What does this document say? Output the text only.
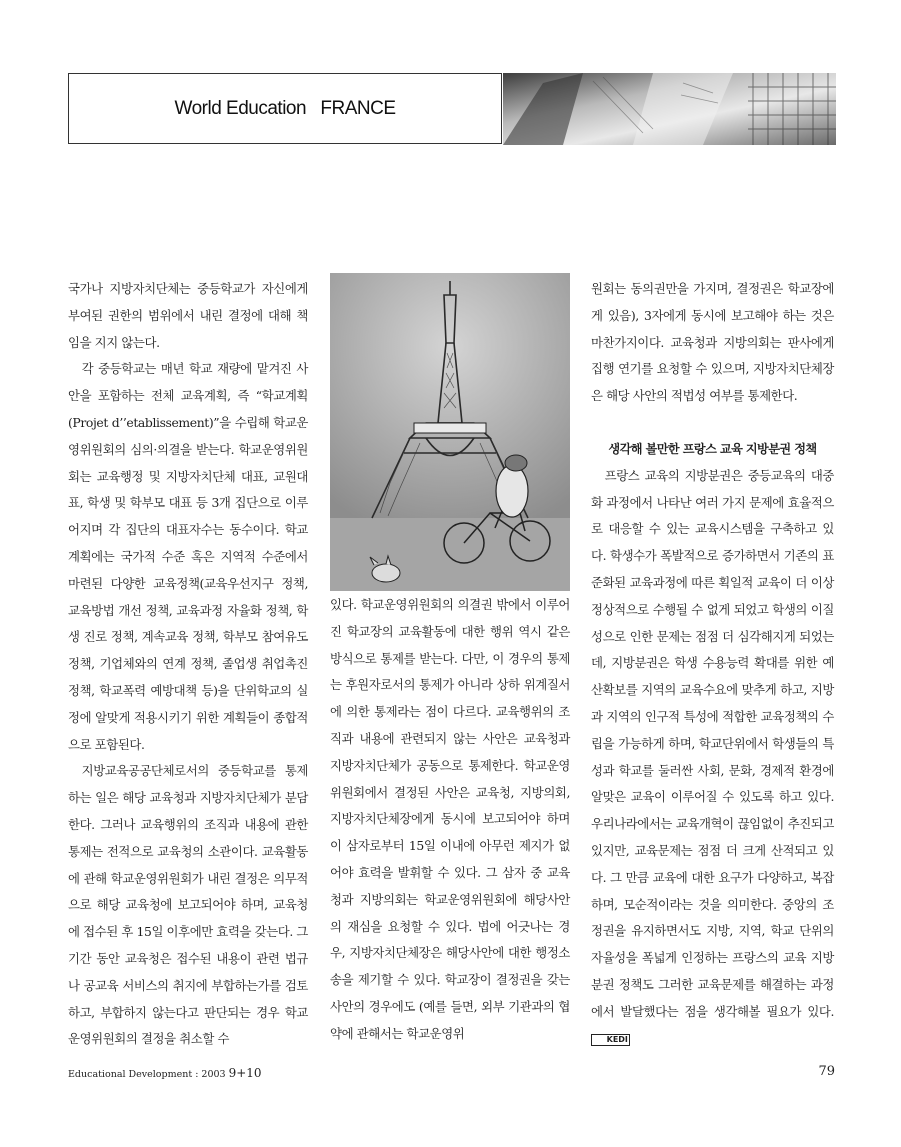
World Education   FRANCE

국가나 지방자치단체는 중등학교가 자신에게 부여된 권한의 범위에서 내린 결정에 대해 책임을 지지 않는다.

각 중등학교는 매년 학교 재량에 맡겨진 사안을 포함하는 전체 교육계획, 즉 “학교계획(Projet d’’etablissement)”을 수립해 학교운영위원회의 심의·의결을 받는다. 학교운영위원회는 교육행정 및 지방자치단체 대표, 교원대표, 학생 및 학부모 대표 등 3개 집단으로 이루어지며 각 집단의 대표자수는 동수이다. 학교계획에는 국가적 수준 혹은 지역적 수준에서 마련된 다양한 교육정책(교육우선지구 정책, 교육방법 개선 정책, 교육과정 자율화 정책, 학생 진로 정책, 계속교육 정책, 학부모 참여유도 정책, 기업체와의 연계 정책, 졸업생 취업촉진 정책, 학교폭력 예방대책 등)을 단위학교의 실정에 알맞게 적용시키기 위한 계획들이 종합적으로 포함된다.

지방교육공공단체로서의 중등학교를 통제하는 일은 해당 교육청과 지방자치단체가 분담한다. 그러나 교육행위의 조직과 내용에 관한 통제는 전적으로 교육청의 소관이다. 교육활동에 관해 학교운영위원회가 내린 결정은 의무적으로 해당 교육청에 보고되어야 하며, 교육청에 접수된 후 15일 이후에만 효력을 갖는다. 그 기간 동안 교육청은 접수된 내용이 관련 법규나 공교육 서비스의 취지에 부합하는가를 검토하고, 부합하지 않는다고 판단되는 경우 학교운영위원회의 결정을 취소할 수

있다. 학교운영위원회의 의결권 밖에서 이루어진 학교장의 교육활동에 대한 행위 역시 같은 방식으로 통제를 받는다. 다만, 이 경우의 통제는 후원자로서의 통제가 아니라 상하 위계질서에 의한 통제라는 점이 다르다. 교육행위의 조직과 내용에 관련되지 않는 사안은 교육청과 지방자치단체가 공동으로 통제한다. 학교운영위원회에서 결정된 사안은 교육청, 지방의회, 지방자치단체장에게 동시에 보고되어야 하며 이 삼자로부터 15일 이내에 아무런 제지가 없어야 효력을 발휘할 수 있다. 그 삼자 중 교육청과 지방의회는 학교운영위원회에 해당사안의 재심을 요청할 수 있다. 법에 어긋나는 경우, 지방자치단체장은 해당사안에 대한 행정소송을 제기할 수 있다. 학교장이 결정권을 갖는 사안의 경우에도 (예를 들면, 외부 기관과의 협약에 관해서는 학교운영위

원회는 동의권만을 가지며, 결정권은 학교장에게 있음), 3자에게 동시에 보고해야 하는 것은 마찬가지이다. 교육청과 지방의회는 판사에게 집행 연기를 요청할 수 있으며, 지방자치단체장은 해당 사안의 적법성 여부를 통제한다.

생각해 볼만한 프랑스 교육 지방분권 정책

프랑스 교육의 지방분권은 중등교육의 대중화 과정에서 나타난 여러 가지 문제에 효율적으로 대응할 수 있는 교육시스템을 구축하고 있다. 학생수가 폭발적으로 증가하면서 기존의 표준화된 교육과정에 따른 획일적 교육이 더 이상 정상적으로 수행될 수 없게 되었고 학생의 이질성으로 인한 문제는 점점 더 심각해지게 되었는데, 지방분권은 학생 수용능력 확대를 위한 예산확보를 지역의 교육수요에 맞추게 하고, 지방과 지역의 인구적 특성에 적합한 교육정책의 수립을 가능하게 하며, 학교단위에서 학생들의 특성과 학교를 둘러싼 사회, 문화, 경제적 환경에 알맞은 교육이 이루어질 수 있도록 하고 있다. 우리나라에서는 교육개혁이 끊임없이 추진되고 있지만, 교육문제는 점점 더 크게 산적되고 있다. 그 만큼 교육에 대한 요구가 다양하고, 복잡하며, 모순적이라는 것을 의미한다. 중앙의 조정권을 유지하면서도 지방, 지역, 학교 단위의 자율성을 폭넓게 인정하는 프랑스의 교육 지방분권 정책도 그러한 교육문제를 해결하는 과정에서 발달했다는 점을 생각해볼 필요가 있다.KEDI

Educational Development : 2003 9+10	79
